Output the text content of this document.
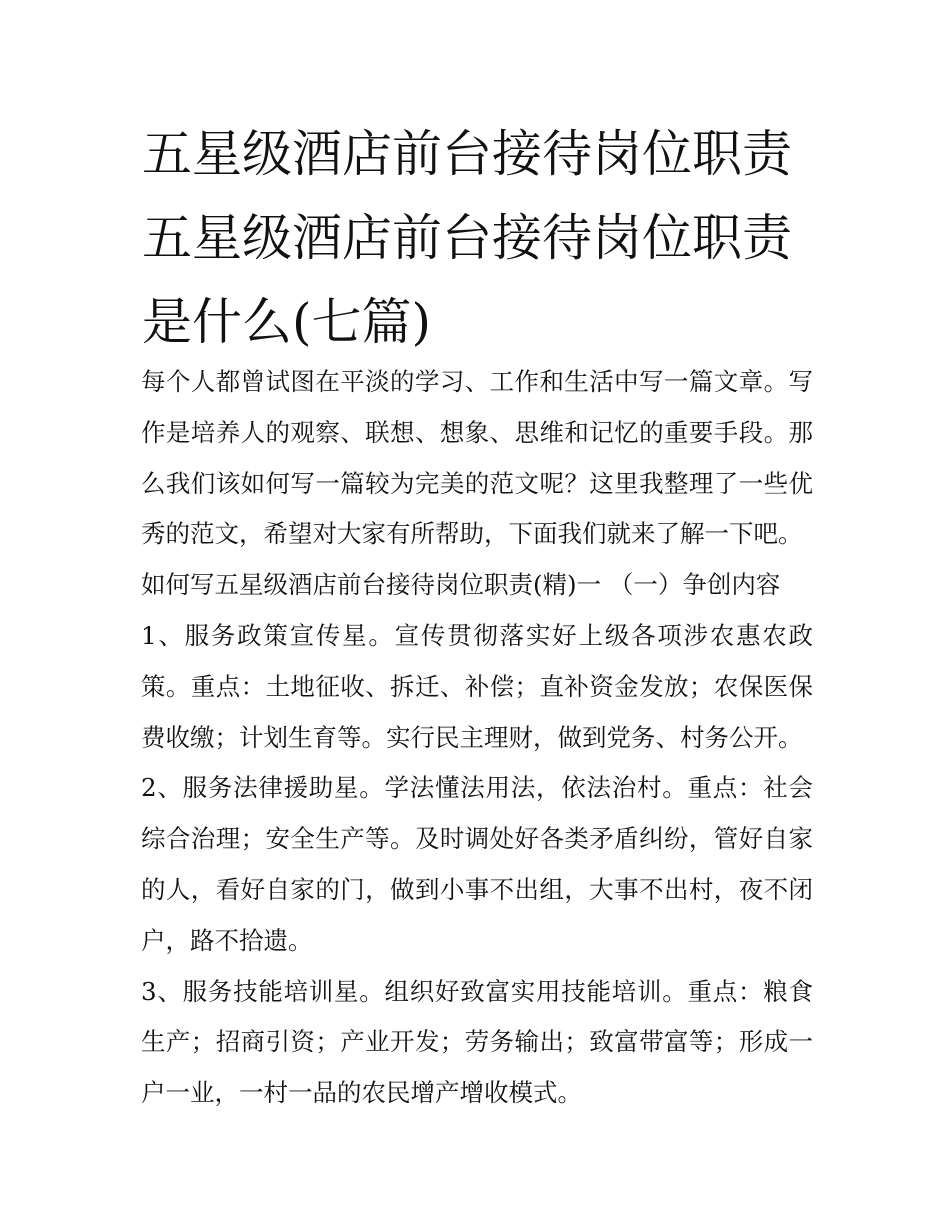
五星级酒店前台接待岗位职责五星级酒店前台接待岗位职责是什么(七篇)

每个人都曾试图在平淡的学习、工作和生活中写一篇文章。写作是培养人的观察、联想、想象、思维和记忆的重要手段。那么我们该如何写一篇较为完美的范文呢？这里我整理了一些优秀的范文，希望对大家有所帮助，下面我们就来了解一下吧。

如何写五星级酒店前台接待岗位职责(精)一 （一）争创内容

1、服务政策宣传星。宣传贯彻落实好上级各项涉农惠农政策。重点：土地征收、拆迁、补偿；直补资金发放；农保医保费收缴；计划生育等。实行民主理财，做到党务、村务公开。

2、服务法律援助星。学法懂法用法，依法治村。重点：社会综合治理；安全生产等。及时调处好各类矛盾纠纷，管好自家的人，看好自家的门，做到小事不出组，大事不出村，夜不闭户，路不拾遗。

3、服务技能培训星。组织好致富实用技能培训。重点：粮食生产；招商引资；产业开发；劳务输出；致富带富等；形成一户一业，一村一品的农民增产增收模式。
